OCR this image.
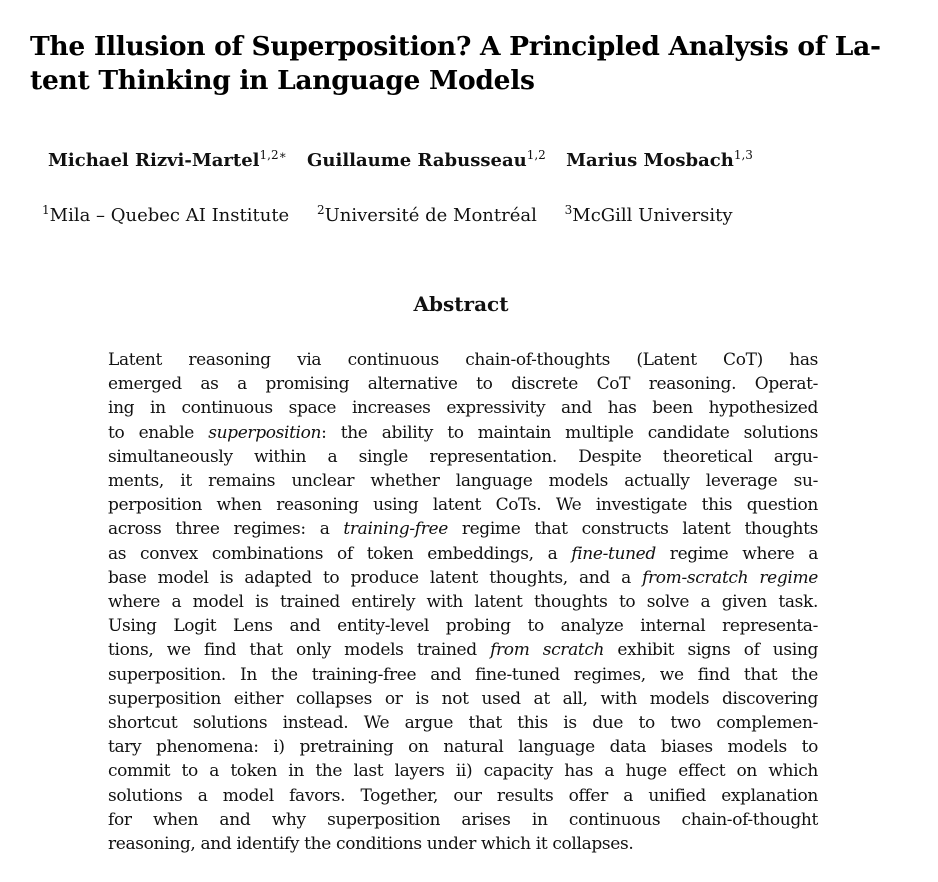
The Illusion of Superposition? A Principled Analysis of La-
tent Thinking in Language Models
Michael Rizvi-Martel$^{1,2∗}$ Guillaume Rabusseau$^{1,2}$ Marius Mosbach$^{1,3}$
$^1$Mila – Quebec AI Institute $^2$Université de Montréal $^3$McGill University
Abstract
Latent reasoning via continuous chain-of-thoughts (Latent CoT) has
emerged as a promising alternative to discrete CoT reasoning. Operat-
ing in continuous space increases expressivity and has been hypothesized
to enable superposition: the ability to maintain multiple candidate solutions
simultaneously within a single representation. Despite theoretical argu-
ments, it remains unclear whether language models actually leverage su-
perposition when reasoning using latent CoTs. We investigate this question
across three regimes: a training-free regime that constructs latent thoughts
as convex combinations of token embeddings, a fine-tuned regime where a
base model is adapted to produce latent thoughts, and a from-scratch regime
where a model is trained entirely with latent thoughts to solve a given task.
Using Logit Lens and entity-level probing to analyze internal representa-
tions, we find that only models trained from scratch exhibit signs of using
superposition. In the training-free and fine-tuned regimes, we find that the
superposition either collapses or is not used at all, with models discovering
shortcut solutions instead. We argue that this is due to two complemen-
tary phenomena: i) pretraining on natural language data biases models to
commit to a token in the last layers ii) capacity has a huge effect on which
solutions a model favors. Together, our results offer a unified explanation
for when and why superposition arises in continuous chain-of-thought
reasoning, and identify the conditions under which it collapses.
